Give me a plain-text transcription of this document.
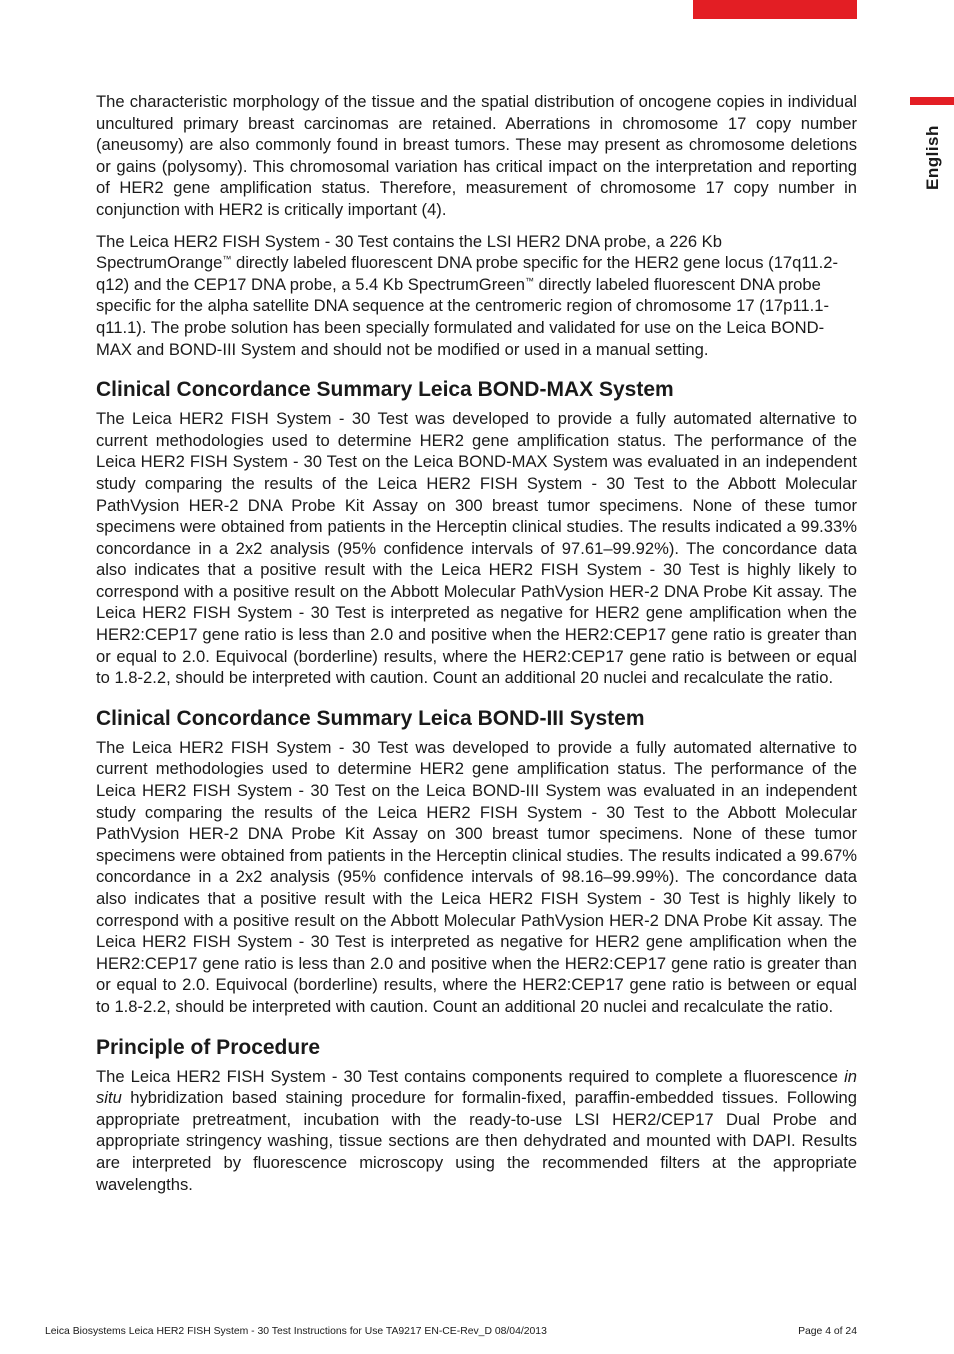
English

The characteristic morphology of the tissue and the spatial distribution of oncogene copies in individual uncultured primary breast carcinomas are retained. Aberrations in chromosome 17 copy number (aneusomy) are also commonly found in breast tumors. These may present as chromosome deletions or gains (polysomy). This chromosomal variation has critical impact on the interpretation and reporting of HER2 gene amplification status. Therefore, measurement of chromosome 17 copy number in conjunction with HER2 is critically important (4).

The Leica HER2 FISH System - 30 Test contains the LSI HER2 DNA probe, a 226 Kb SpectrumOrange™ directly labeled fluorescent DNA probe specific for the HER2 gene locus (17q11.2-q12) and the CEP17 DNA probe, a 5.4 Kb SpectrumGreen™ directly labeled fluorescent DNA probe specific for the alpha satellite DNA sequence at the centromeric region of chromosome 17 (17p11.1-q11.1). The probe solution has been specially formulated and validated for use on the Leica BOND-MAX and BOND-III System and should not be modified or used in a manual setting.

Clinical Concordance Summary Leica BOND-MAX System

The Leica HER2 FISH System - 30 Test was developed to provide a fully automated alternative to current methodologies used to determine HER2 gene amplification status. The performance of the Leica HER2 FISH System - 30 Test on the Leica BOND-MAX System was evaluated in an independent study comparing the results of the Leica HER2 FISH System - 30 Test to the Abbott Molecular PathVysion HER-2 DNA Probe Kit Assay on 300 breast tumor specimens. None of these tumor specimens were obtained from patients in the Herceptin clinical studies. The results indicated a 99.33% concordance in a 2x2 analysis (95% confidence intervals of 97.61–99.92%). The concordance data also indicates that a positive result with the Leica HER2 FISH System - 30 Test is highly likely to correspond with a positive result on the Abbott Molecular PathVysion HER-2 DNA Probe Kit assay. The Leica HER2 FISH System - 30 Test is interpreted as negative for HER2 gene amplification when the HER2:CEP17 gene ratio is less than 2.0 and positive when the HER2:CEP17 gene ratio is greater than or equal to 2.0. Equivocal (borderline) results, where the HER2:CEP17 gene ratio is between or equal to 1.8-2.2, should be interpreted with caution. Count an additional 20 nuclei and recalculate the ratio.

Clinical Concordance Summary Leica BOND-III System

The Leica HER2 FISH System - 30 Test was developed to provide a fully automated alternative to current methodologies used to determine HER2 gene amplification status. The performance of the Leica HER2 FISH System - 30 Test on the Leica BOND-III System was evaluated in an independent study comparing the results of the Leica HER2 FISH System - 30 Test to the Abbott Molecular PathVysion HER-2 DNA Probe Kit Assay on 300 breast tumor specimens. None of these tumor specimens were obtained from patients in the Herceptin clinical studies. The results indicated a 99.67% concordance in a 2x2 analysis (95% confidence intervals of 98.16–99.99%). The concordance data also indicates that a positive result with the Leica HER2 FISH System - 30 Test is highly likely to correspond with a positive result on the Abbott Molecular PathVysion HER-2 DNA Probe Kit assay. The Leica HER2 FISH System - 30 Test is interpreted as negative for HER2 gene amplification when the HER2:CEP17 gene ratio is less than 2.0 and positive when the HER2:CEP17 gene ratio is greater than or equal to 2.0. Equivocal (borderline) results, where the HER2:CEP17 gene ratio is between or equal to 1.8-2.2, should be interpreted with caution. Count an additional 20 nuclei and recalculate the ratio.

Principle of Procedure

The Leica HER2 FISH System - 30 Test contains components required to complete a fluorescence in situ hybridization based staining procedure for formalin-fixed, paraffin-embedded tissues. Following appropriate pretreatment, incubation with the ready-to-use LSI HER2/CEP17 Dual Probe and appropriate stringency washing, tissue sections are then dehydrated and mounted with DAPI. Results are interpreted by fluorescence microscopy using the recommended filters at the appropriate wavelengths.

Leica Biosystems Leica HER2 FISH System - 30 Test Instructions for Use TA9217 EN-CE-Rev_D 08/04/2013	Page 4 of 24
